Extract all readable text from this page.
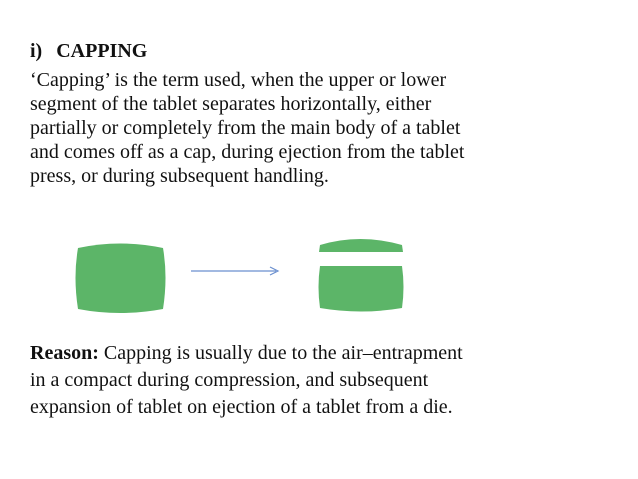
i) CAPPING
‘Capping’ is the term used, when the upper or lower
segment of the tablet separates horizontally, either
partially or completely from the main body of a tablet
and comes off as a cap, during ejection from the tablet
press, or during subsequent handling.
Reason: Capping is usually due to the air–entrapment
in a compact during compression, and subsequent
expansion of tablet on ejection of a tablet from a die.
